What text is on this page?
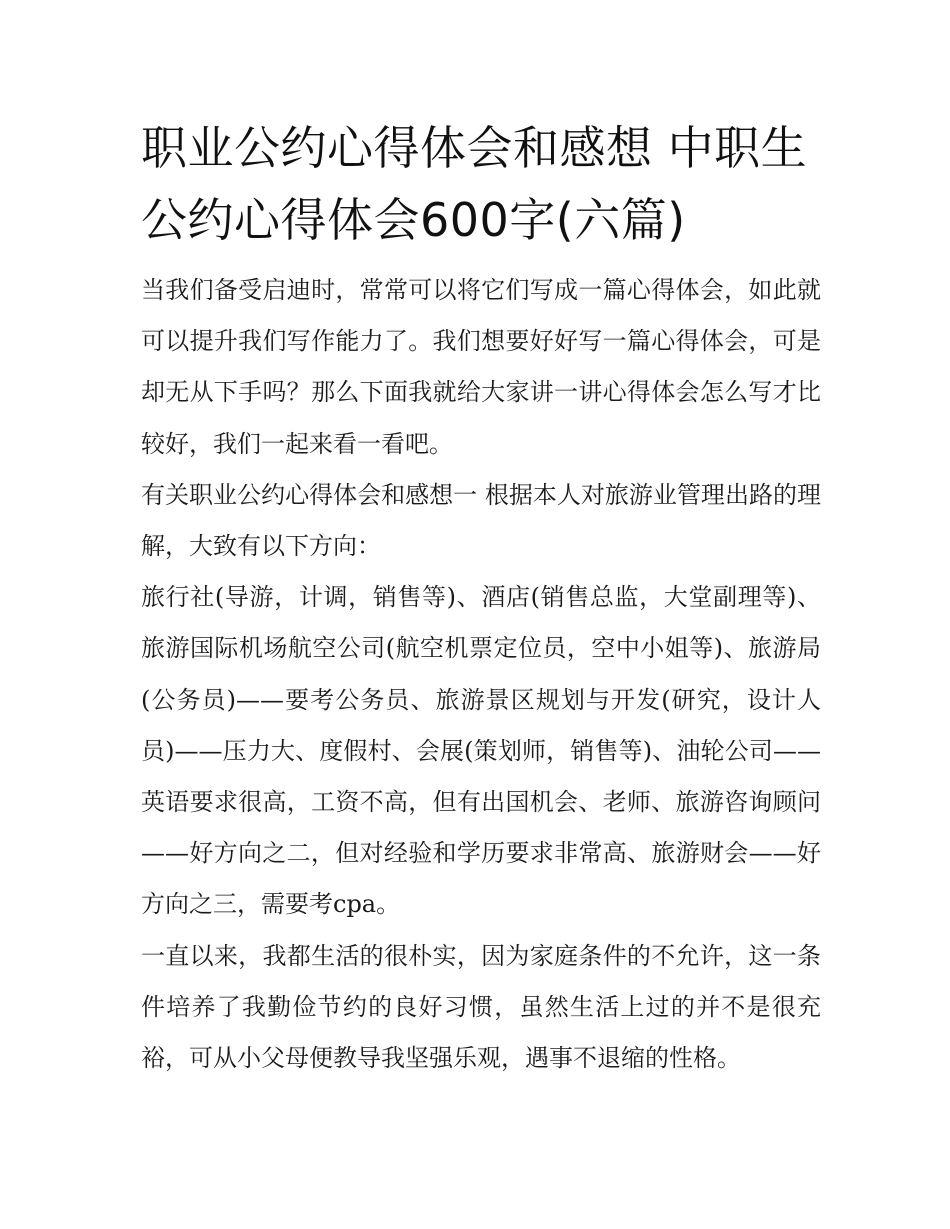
职业公约心得体会和感想 中职生公约心得体会600字(六篇)

当我们备受启迪时，常常可以将它们写成一篇心得体会，如此就可以提升我们写作能力了。我们想要好好写一篇心得体会，可是却无从下手吗？那么下面我就给大家讲一讲心得体会怎么写才比较好，我们一起来看一看吧。

有关职业公约心得体会和感想一 根据本人对旅游业管理出路的理解，大致有以下方向：

旅行社(导游，计调，销售等)、酒店(销售总监，大堂副理等)、旅游国际机场航空公司(航空机票定位员，空中小姐等)、旅游局(公务员)——要考公务员、旅游景区规划与开发(研究，设计人员)——压力大、度假村、会展(策划师，销售等)、油轮公司——英语要求很高，工资不高，但有出国机会、老师、旅游咨询顾问——好方向之二，但对经验和学历要求非常高、旅游财会——好方向之三，需要考cpa。

一直以来，我都生活的很朴实，因为家庭条件的不允许，这一条件培养了我勤俭节约的良好习惯，虽然生活上过的并不是很充裕，可从小父母便教导我坚强乐观，遇事不退缩的性格。
